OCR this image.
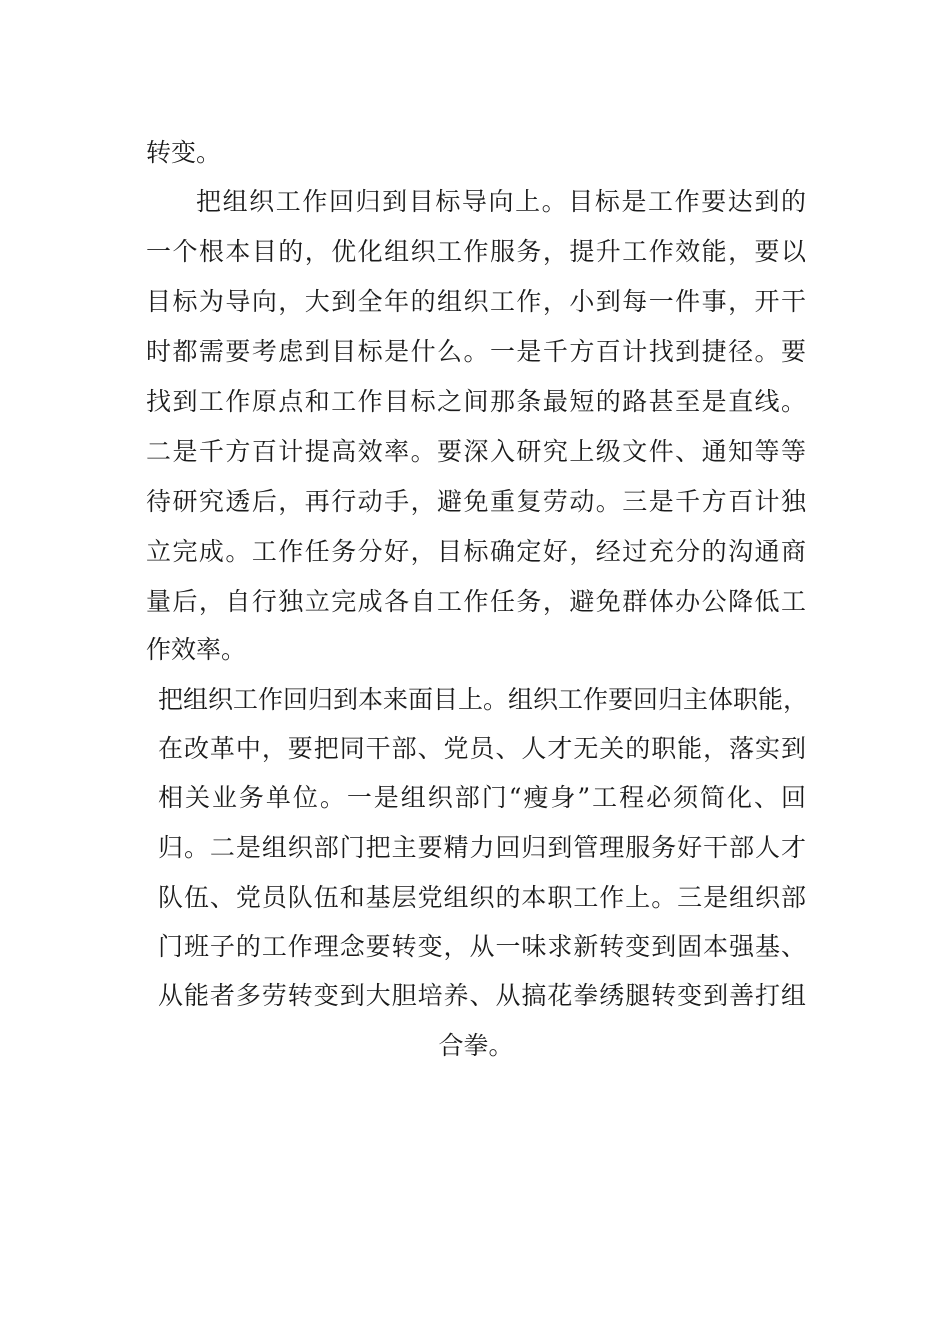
转变。
把组织工作回归到目标导向上。目标是工作要达到的
一个根本目的，优化组织工作服务，提升工作效能，要以
目标为导向，大到全年的组织工作，小到每一件事，开干
时都需要考虑到目标是什么。一是千方百计找到捷径。要
找到工作原点和工作目标之间那条最短的路甚至是直线。
二是千方百计提高效率。要深入研究上级文件、通知等等
待研究透后，再行动手，避免重复劳动。三是千方百计独
立完成。工作任务分好，目标确定好，经过充分的沟通商
量后，自行独立完成各自工作任务，避免群体办公降低工
作效率。
把组织工作回归到本来面目上。组织工作要回归主体职能，
在改革中，要把同干部、党员、人才无关的职能，落实到
相关业务单位。一是组织部门“瘦身”工程必须简化、回
归。二是组织部门把主要精力回归到管理服务好干部人才
队伍、党员队伍和基层党组织的本职工作上。三是组织部
门班子的工作理念要转变，从一味求新转变到固本强基、
从能者多劳转变到大胆培养、从搞花拳绣腿转变到善打组
合拳。
